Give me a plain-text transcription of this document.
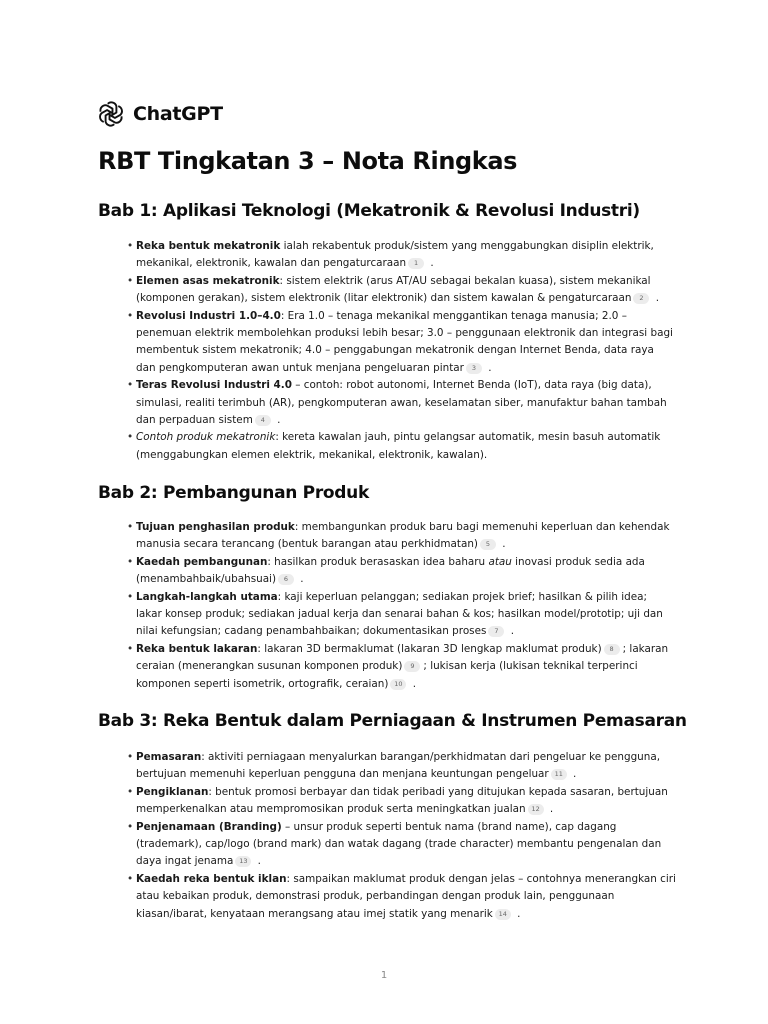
ChatGPT
RBT Tingkatan 3 – Nota Ringkas
Bab 1: Aplikasi Teknologi (Mekatronik & Revolusi Industri)
• Reka bentuk mekatronik ialah rekabentuk produk/sistem yang menggabungkan disiplin elektrik, mekanikal, elektronik, kawalan dan pengaturcaraan 1 .
• Elemen asas mekatronik: sistem elektrik (arus AT/AU sebagai bekalan kuasa), sistem mekanikal (komponen gerakan), sistem elektronik (litar elektronik) dan sistem kawalan & pengaturcaraan 2 .
• Revolusi Industri 1.0–4.0: Era 1.0 – tenaga mekanikal menggantikan tenaga manusia; 2.0 – penemuan elektrik membolehkan produksi lebih besar; 3.0 – penggunaan elektronik dan integrasi bagi membentuk sistem mekatronik; 4.0 – penggabungan mekatronik dengan Internet Benda, data raya dan pengkomputeran awan untuk menjana pengeluaran pintar 3 .
• Teras Revolusi Industri 4.0 – contoh: robot autonomi, Internet Benda (IoT), data raya (big data), simulasi, realiti terimbuh (AR), pengkomputeran awan, keselamatan siber, manufaktur bahan tambah dan perpaduan sistem 4 .
• Contoh produk mekatronik: kereta kawalan jauh, pintu gelangsar automatik, mesin basuh automatik (menggabungkan elemen elektrik, mekanikal, elektronik, kawalan).
Bab 2: Pembangunan Produk
• Tujuan penghasilan produk: membangunkan produk baru bagi memenuhi keperluan dan kehendak manusia secara terancang (bentuk barangan atau perkhidmatan) 5 .
• Kaedah pembangunan: hasilkan produk berasaskan idea baharu atau inovasi produk sedia ada (menambahbaik/ubahsuai) 6 .
• Langkah-langkah utama: kaji keperluan pelanggan; sediakan projek brief; hasilkan & pilih idea; lakar konsep produk; sediakan jadual kerja dan senarai bahan & kos; hasilkan model/prototip; uji dan nilai kefungsian; cadang penambahbaikan; dokumentasikan proses 7 .
• Reka bentuk lakaran: lakaran 3D bermaklumat (lakaran 3D lengkap maklumat produk) 8 ; lakaran ceraian (menerangkan susunan komponen produk) 9 ; lukisan kerja (lukisan teknikal terperinci komponen seperti isometrik, ortografik, ceraian) 10 .
Bab 3: Reka Bentuk dalam Perniagaan & Instrumen Pemasaran
• Pemasaran: aktiviti perniagaan menyalurkan barangan/perkhidmatan dari pengeluar ke pengguna, bertujuan memenuhi keperluan pengguna dan menjana keuntungan pengeluar 11 .
• Pengiklanan: bentuk promosi berbayar dan tidak peribadi yang ditujukan kepada sasaran, bertujuan memperkenalkan atau mempromosikan produk serta meningkatkan jualan 12 .
• Penjenamaan (Branding) – unsur produk seperti bentuk nama (brand name), cap dagang (trademark), cap/logo (brand mark) dan watak dagang (trade character) membantu pengenalan dan daya ingat jenama 13 .
• Kaedah reka bentuk iklan: sampaikan maklumat produk dengan jelas – contohnya menerangkan ciri atau kebaikan produk, demonstrasi produk, perbandingan dengan produk lain, penggunaan kiasan/ibarat, kenyataan merangsang atau imej statik yang menarik 14 .
1
